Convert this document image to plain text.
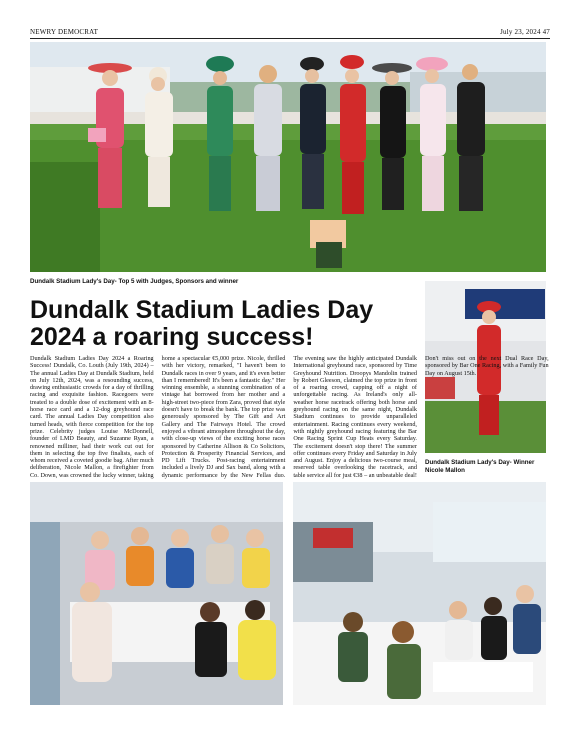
NEWRY DEMOCRAT	July 23, 2024 47
Dundalk Stadium Lady's Day- Top 5 with Judges, Sponsors and winner
Dundalk Stadium Lady's Day- Winner Nicole Mallon
Dundalk Stadium Ladies Day 2024 a roaring success!

Dundalk Stadium Ladies Day 2024 a Roaring Success! Dundalk, Co. Louth (July 19th, 2024) – The annual Ladies Day at Dundalk Stadium, held on July 12th, 2024, was a resounding success, drawing enthusiastic crowds for a day of thrilling racing and exquisite fashion. Racegoers were treated to a double dose of excitement with an 8-horse race card and a 12-dog greyhound race card. The annual Ladies Day competition also turned heads, with fierce competition for the top prize. Celebrity judges Louise McDonnell, founder of LMD Beauty, and Suzanne Ryan, a renowned milliner, had their work cut out for them in selecting the top five finalists, each of whom received a coveted goodie bag. After much deliberation, Nicole Mallon, a firefighter from Co. Down, was crowned the lucky winner, taking home a spectacular €5,000 prize. Nicole, thrilled with her victory, remarked, "I haven't been to Dundalk races in over 9 years, and it's even better than I remembered! It's been a fantastic day." Her winning ensemble, a stunning combination of a vintage hat borrowed from her mother and a high-street two-piece from Zara, proved that style doesn't have to break the bank. The top prize was generously sponsored by The Gift and Art Gallery and The Fairways Hotel. The crowd enjoyed a vibrant atmosphere throughout the day, with close-up views of the exciting horse races sponsored by Catherine Allison & Co Solicitors, Protection & Prosperity Financial Services, and PD Lift Trucks. Post-racing entertainment included a lively DJ and Sax band, along with a dynamic performance by the New Fellas duo. The evening saw the highly anticipated Dundalk International greyhound race, sponsored by Time Greyhound Nutrition. Droopys Mandolin trained by Robert Gleeson, claimed the top prize in front of a roaring crowd, capping off a night of unforgettable racing. As Ireland's only all-weather horse racetrack offering both horse and greyhound racing on the same night, Dundalk Stadium continues to provide unparalleled entertainment. Racing continues every weekend, with nightly greyhound racing featuring the Bar One Racing Sprint Cup Heats every Saturday. The excitement doesn't stop there! The summer offer continues every Friday and Saturday in July and August. Enjoy a delicious two-course meal, reserved table overlooking the racetrack, and table service all for just €38 – an unbeatable deal! Don't miss out on the next Dual Race Day, sponsored by Bar One Racing, with a Family Fun Day on August 15th.
